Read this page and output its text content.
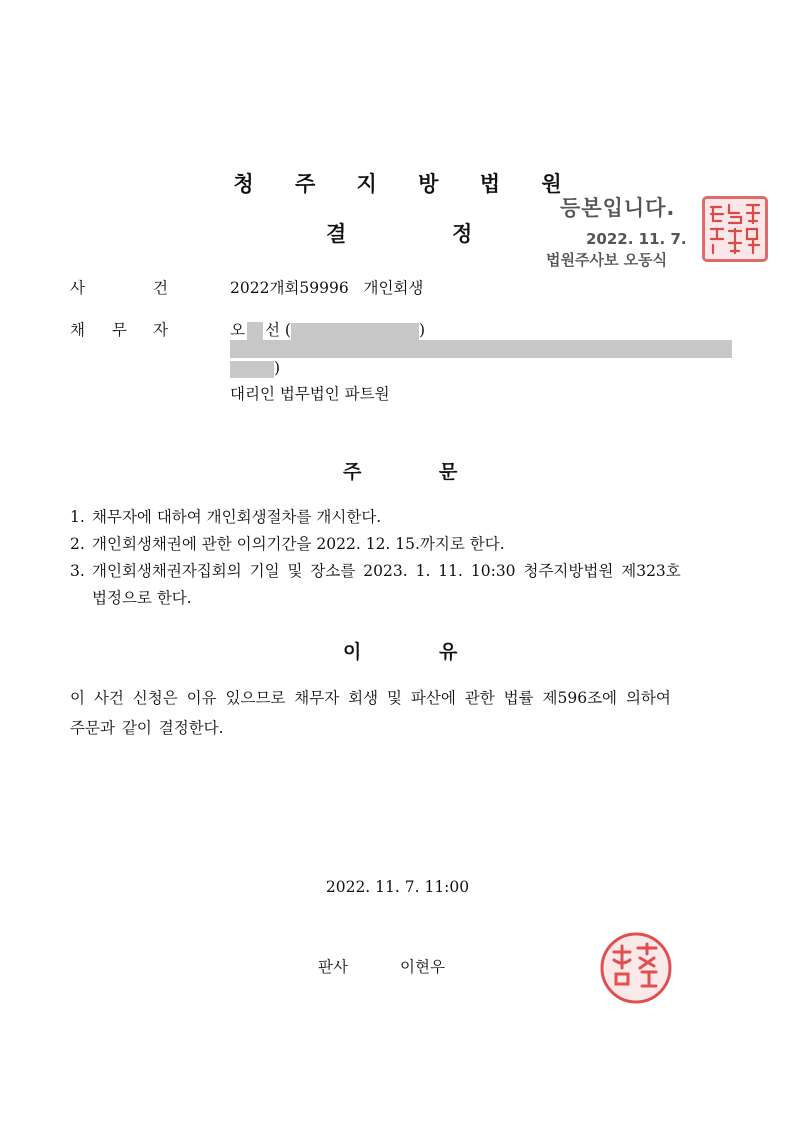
청 주 지 방 법 원
결	정
등본입니다.
2022. 11. 7.
법원주사보 오동식
사	건	2022개회59996   개인회생
채 무 자	오 선 (	)
)
대리인 법무법인 파트원
주	문
1. 채무자에 대하여 개인회생절차를 개시한다.
2. 개인회생채권에 관한 이의기간을 2022. 12. 15.까지로 한다.
3. 개인회생채권자집회의 기일 및 장소를 2023. 1. 11. 10:30 청주지방법원 제323호
법정으로 한다.
이	유
이 사건 신청은 이유 있으므로 채무자 회생 및 파산에 관한 법률 제596조에 의하여
주문과 같이 결정한다.
2022. 11. 7. 11:00
판사	이현우
